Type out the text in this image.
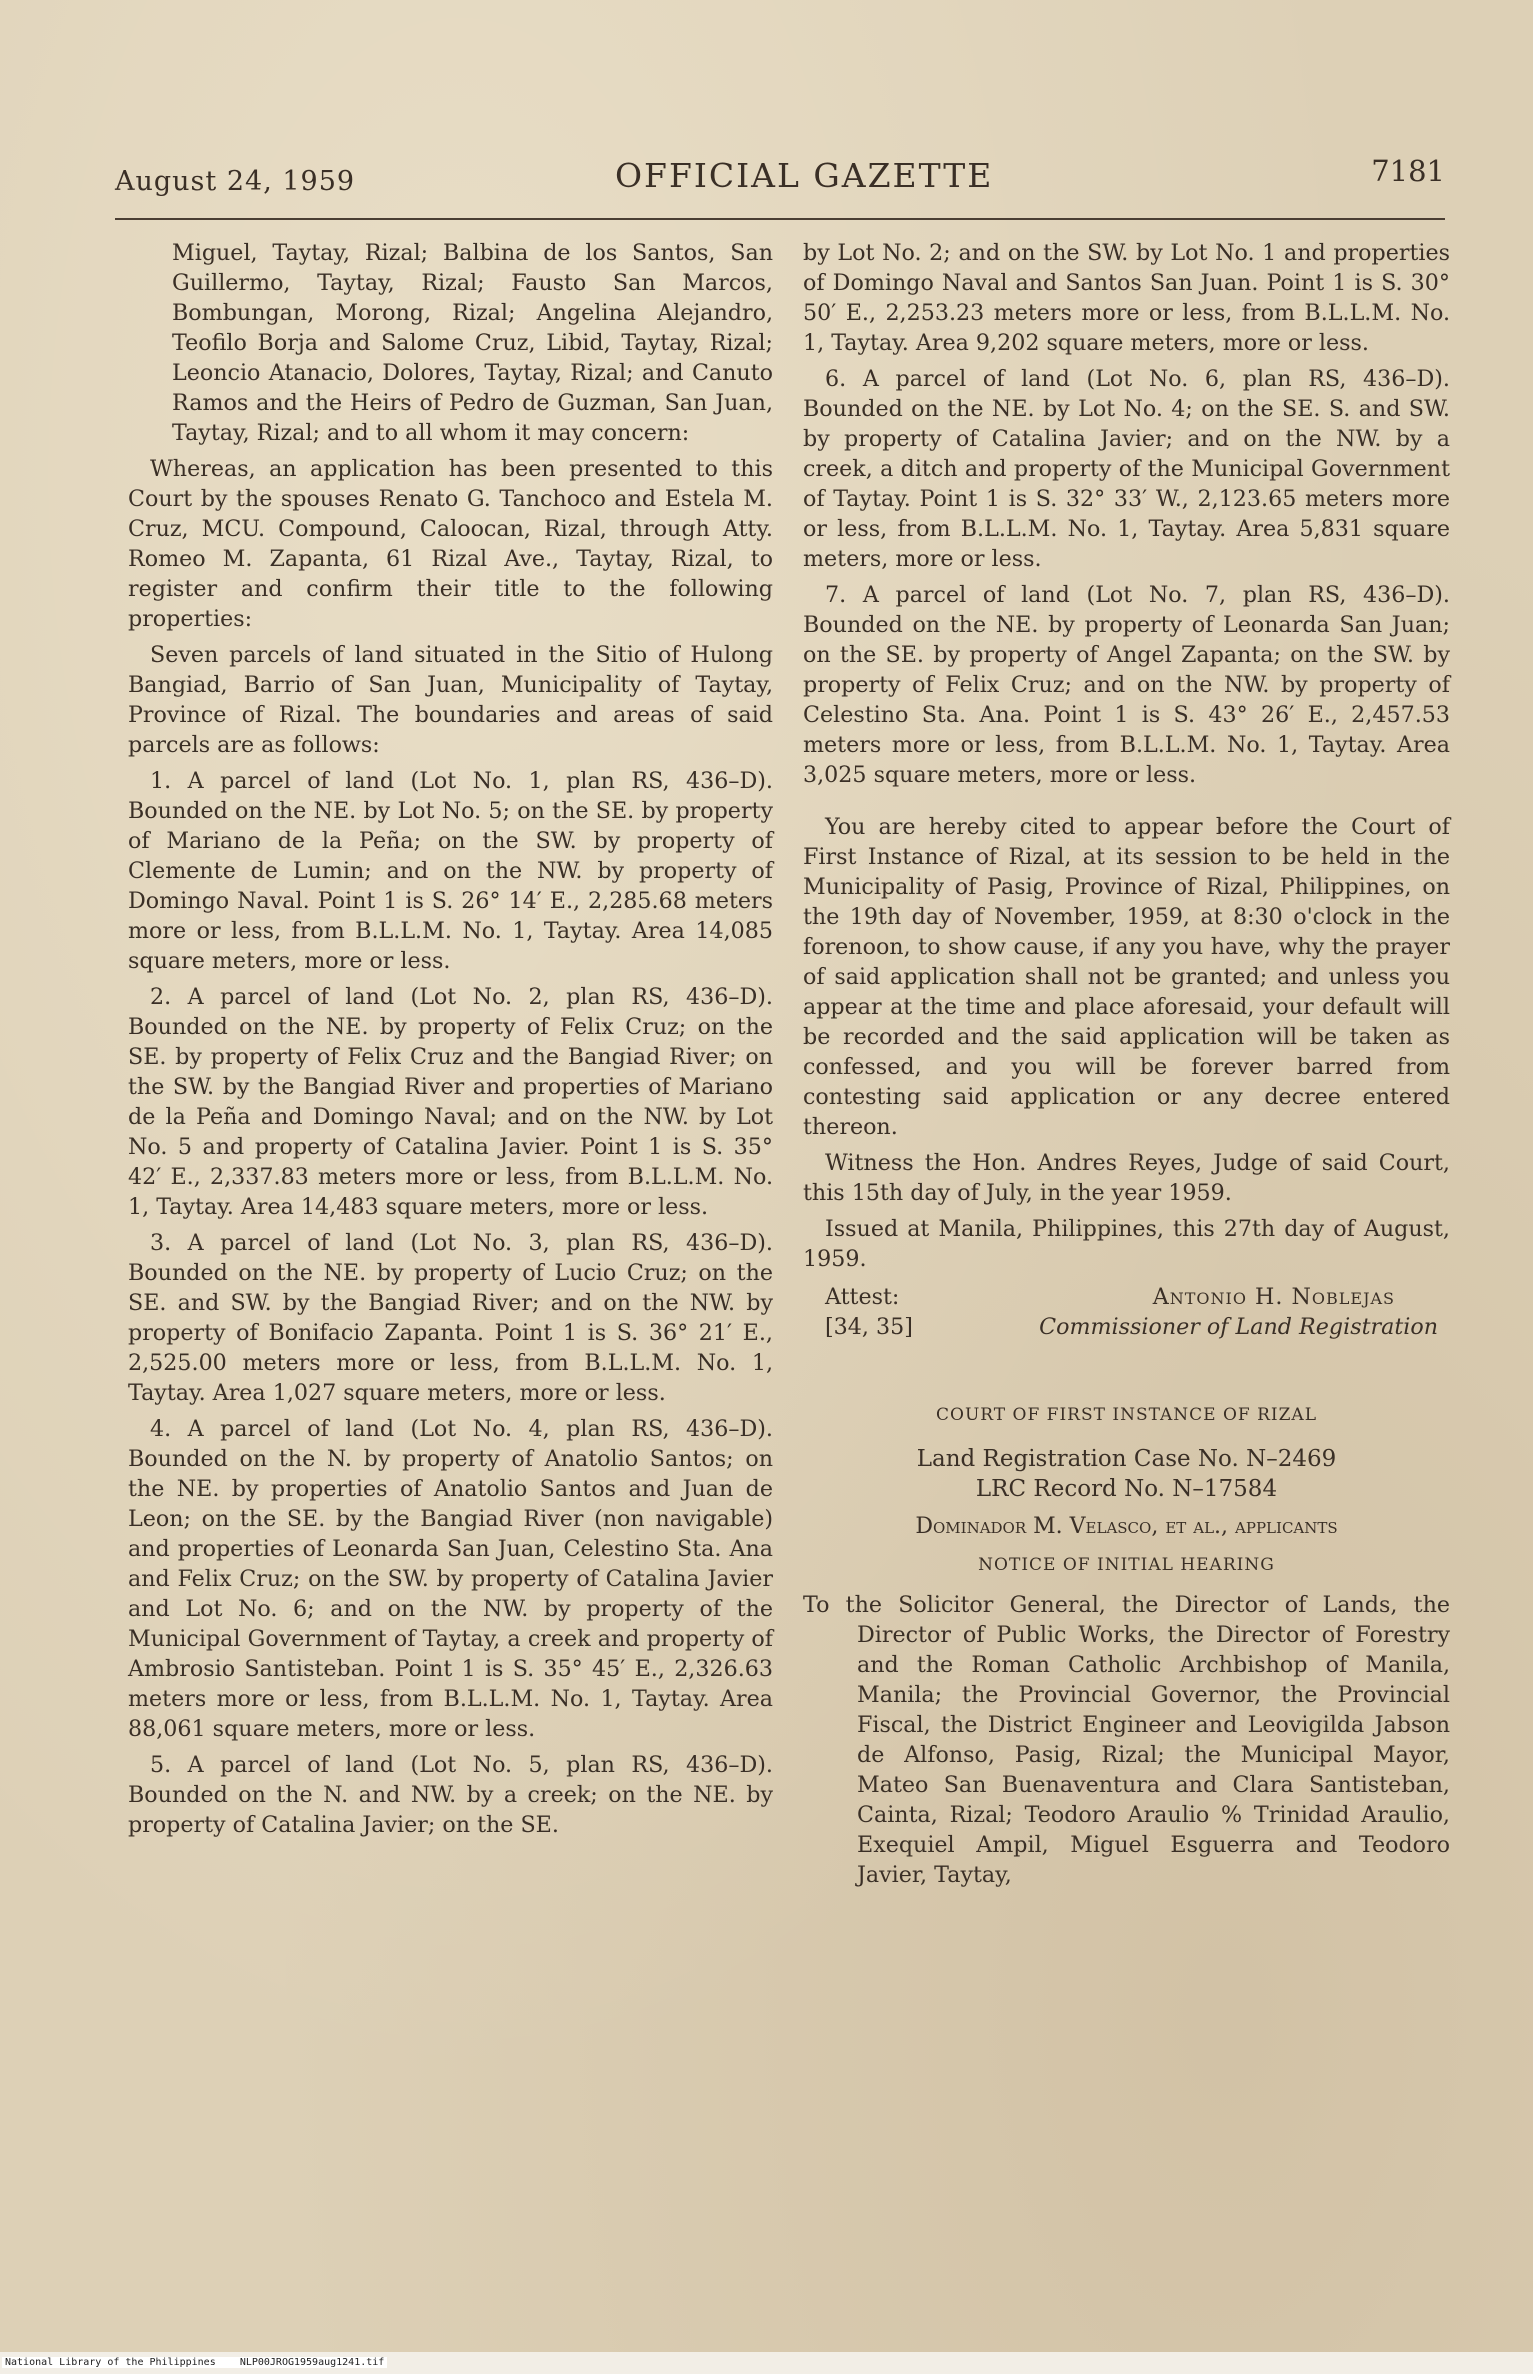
August 24, 1959	OFFICIAL GAZETTE	7181

Miguel, Taytay, Rizal; Balbina de los Santos, San Guillermo, Taytay, Rizal; Fausto San Marcos, Bombungan, Morong, Rizal; Angelina Alejandro, Teofilo Borja and Salome Cruz, Libid, Taytay, Rizal; Leoncio Atanacio, Dolores, Taytay, Rizal; and Canuto Ramos and the Heirs of Pedro de Guzman, San Juan, Taytay, Rizal; and to all whom it may concern:

Whereas, an application has been presented to this Court by the spouses Renato G. Tanchoco and Estela M. Cruz, MCU. Compound, Caloocan, Rizal, through Atty. Romeo M. Zapanta, 61 Rizal Ave., Taytay, Rizal, to register and confirm their title to the following properties:

Seven parcels of land situated in the Sitio of Hulong Bangiad, Barrio of San Juan, Municipality of Taytay, Province of Rizal. The boundaries and areas of said parcels are as follows:

1. A parcel of land (Lot No. 1, plan RS, 436–D). Bounded on the NE. by Lot No. 5; on the SE. by property of Mariano de la Peña; on the SW. by property of Clemente de Lumin; and on the NW. by property of Domingo Naval. Point 1 is S. 26° 14′ E., 2,285.68 meters more or less, from B.L.L.M. No. 1, Taytay. Area 14,085 square meters, more or less.

2. A parcel of land (Lot No. 2, plan RS, 436–D). Bounded on the NE. by property of Felix Cruz; on the SE. by property of Felix Cruz and the Bangiad River; on the SW. by the Bangiad River and properties of Mariano de la Peña and Domingo Naval; and on the NW. by Lot No. 5 and property of Catalina Javier. Point 1 is S. 35° 42′ E., 2,337.83 meters more or less, from B.L.L.M. No. 1, Taytay. Area 14,483 square meters, more or less.

3. A parcel of land (Lot No. 3, plan RS, 436–D). Bounded on the NE. by property of Lucio Cruz; on the SE. and SW. by the Bangiad River; and on the NW. by property of Bonifacio Zapanta. Point 1 is S. 36° 21′ E., 2,525.00 meters more or less, from B.L.L.M. No. 1, Taytay. Area 1,027 square meters, more or less.

4. A parcel of land (Lot No. 4, plan RS, 436–D). Bounded on the N. by property of Anatolio Santos; on the NE. by properties of Anatolio Santos and Juan de Leon; on the SE. by the Bangiad River (non navigable) and properties of Leonarda San Juan, Celestino Sta. Ana and Felix Cruz; on the SW. by property of Catalina Javier and Lot No. 6; and on the NW. by property of the Municipal Government of Taytay, a creek and property of Ambrosio Santisteban. Point 1 is S. 35° 45′ E., 2,326.63 meters more or less, from B.L.L.M. No. 1, Taytay. Area 88,061 square meters, more or less.

5. A parcel of land (Lot No. 5, plan RS, 436–D). Bounded on the N. and NW. by a creek; on the NE. by property of Catalina Javier; on the SE.

by Lot No. 2; and on the SW. by Lot No. 1 and properties of Domingo Naval and Santos San Juan. Point 1 is S. 30° 50′ E., 2,253.23 meters more or less, from B.L.L.M. No. 1, Taytay. Area 9,202 square meters, more or less.

6. A parcel of land (Lot No. 6, plan RS, 436–D). Bounded on the NE. by Lot No. 4; on the SE. S. and SW. by property of Catalina Javier; and on the NW. by a creek, a ditch and property of the Municipal Government of Taytay. Point 1 is S. 32° 33′ W., 2,123.65 meters more or less, from B.L.L.M. No. 1, Taytay. Area 5,831 square meters, more or less.

7. A parcel of land (Lot No. 7, plan RS, 436–D). Bounded on the NE. by property of Leonarda San Juan; on the SE. by property of Angel Zapanta; on the SW. by property of Felix Cruz; and on the NW. by property of Celestino Sta. Ana. Point 1 is S. 43° 26′ E., 2,457.53 meters more or less, from B.L.L.M. No. 1, Taytay. Area 3,025 square meters, more or less.

You are hereby cited to appear before the Court of First Instance of Rizal, at its session to be held in the Municipality of Pasig, Province of Rizal, Philippines, on the 19th day of November, 1959, at 8:30 o'clock in the forenoon, to show cause, if any you have, why the prayer of said application shall not be granted; and unless you appear at the time and place aforesaid, your default will be recorded and the said application will be taken as confessed, and you will be forever barred from contesting said application or any decree entered thereon.

Witness the Hon. Andres Reyes, Judge of said Court, this 15th day of July, in the year 1959.

Issued at Manila, Philippines, this 27th day of August, 1959.

Attest:	Antonio H. Noblejas
[34, 35]	Commissioner of Land Registration
COURT OF FIRST INSTANCE OF RIZAL
Land Registration Case No. N–2469
LRC Record No. N–17584
Dominador M. Velasco, et al., applicants
NOTICE OF INITIAL HEARING

To the Solicitor General, the Director of Lands, the Director of Public Works, the Director of Forestry and the Roman Catholic Archbishop of Manila, Manila; the Provincial Governor, the Provincial Fiscal, the District Engineer and Leovigilda Jabson de Alfonso, Pasig, Rizal; the Municipal Mayor, Mateo San Buenaventura and Clara Santisteban, Cainta, Rizal; Teodoro Araulio % Trinidad Araulio, Exequiel Ampil, Miguel Esguerra and Teodoro Javier, Taytay,

National Library of the Philippines NLP00JROG1959aug1241.tif
